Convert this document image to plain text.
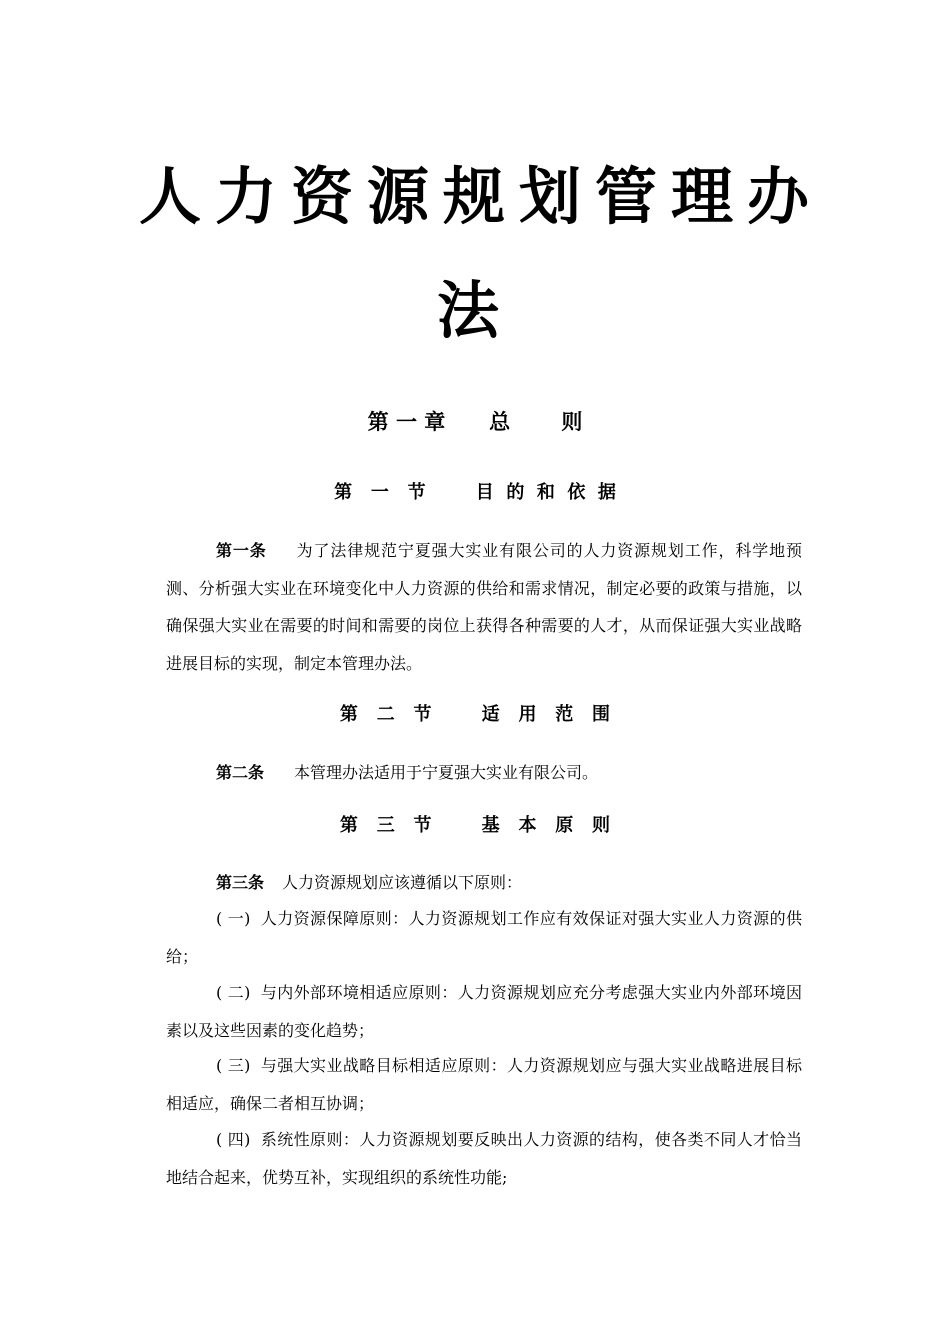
人力资源规划管理办
法
第 一 章      总       则
第   一   节        目  的  和  依  据
第一条 为了法律规范宁夏强大实业有限公司的人力资源规划工作，科学地预测、分析强大实业在环境变化中人力资源的供给和需求情况，制定必要的政策与措施，以确保强大实业在需要的时间和需要的岗位上获得各种需要的人才，从而保证强大实业战略进展目标的实现，制定本管理办法。
第   二   节        适   用   范   围
第二条 本管理办法适用于宁夏强大实业有限公司。
第   三   节        基   本   原   则
第三条 人力资源规划应该遵循以下原则：
( 一) 人力资源保障原则：人力资源规划工作应有效保证对强大实业人力资源的供给；
( 二) 与内外部环境相适应原则：人力资源规划应充分考虑强大实业内外部环境因素以及这些因素的变化趋势；
( 三) 与强大实业战略目标相适应原则：人力资源规划应与强大实业战略进展目标相适应，确保二者相互协调；
( 四) 系统性原则：人力资源规划要反映出人力资源的结构，使各类不同人才恰当地结合起来，优势互补，实现组织的系统性功能;
